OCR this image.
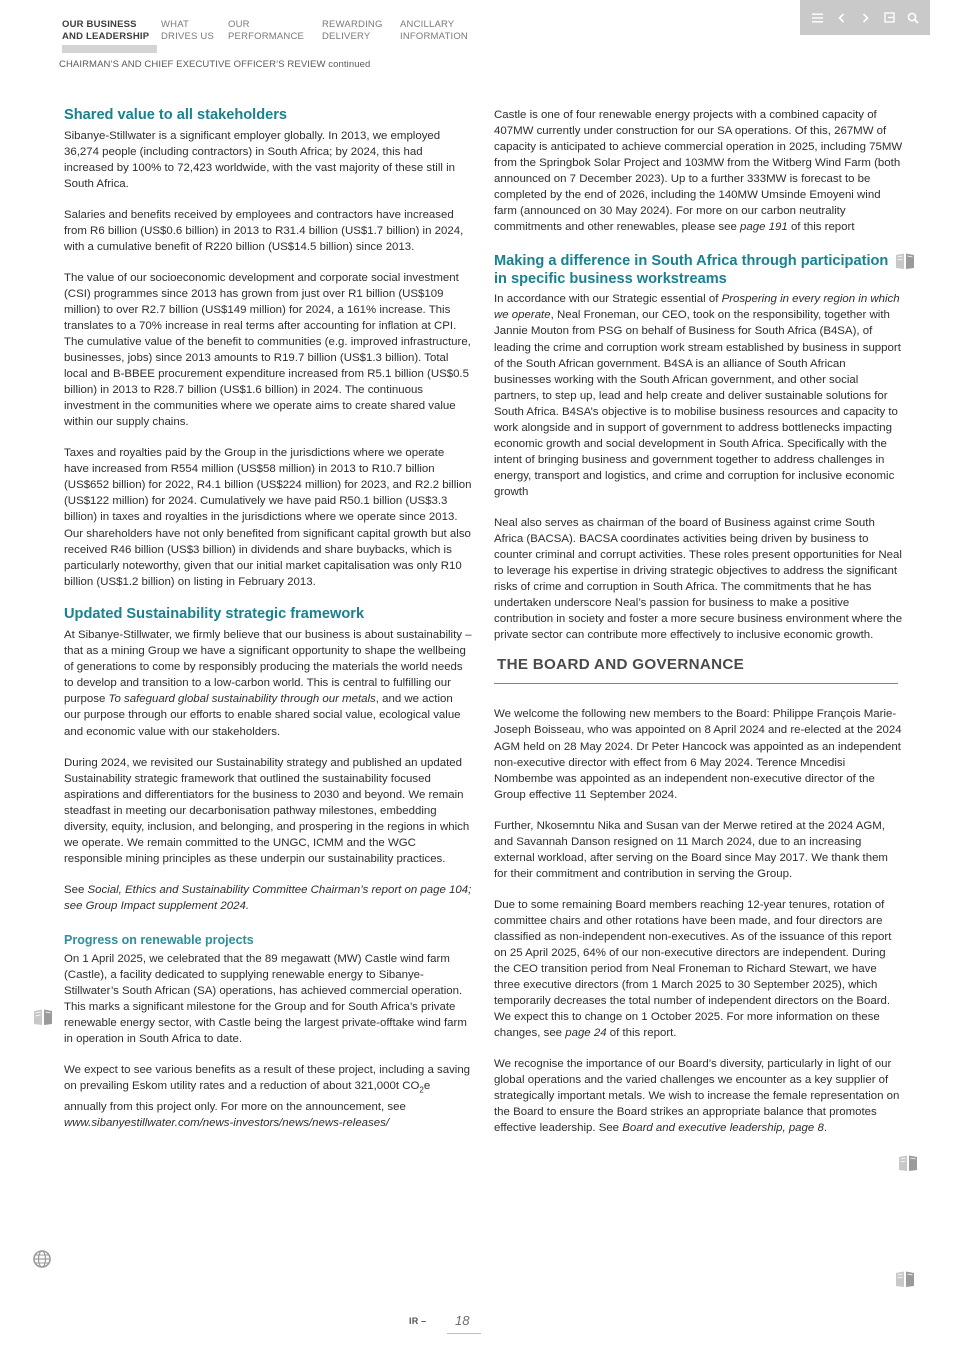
OUR BUSINESS
AND LEADERSHIP
WHAT
DRIVES US
OUR
PERFORMANCE
REWARDING
DELIVERY
ANCILLARY
INFORMATION
CHAIRMAN’S AND CHIEF EXECUTIVE OFFICER’S REVIEW continued
Shared value to all stakeholders

Sibanye-Stillwater is a significant employer globally. In 2013, we employed 36,274 people (including contractors) in South Africa; by 2024, this had increased by 100% to 72,423 worldwide, with the vast majority of these still in South Africa.

Salaries and benefits received by employees and contractors have increased from R6 billion (US$0.6 billion) in 2013 to R31.4 billion (US$1.7 billion) in 2024, with a cumulative benefit of R220 billion (US$14.5 billion) since 2013.

The value of our socioeconomic development and corporate social investment (CSI) programmes since 2013 has grown from just over R1 billion (US$109 million) to over R2.7 billion (US$149 million) for 2024, a 161% increase. This translates to a 70% increase in real terms after accounting for inflation at CPI. The cumulative value of the benefit to communities (e.g. improved infrastructure, businesses, jobs) since 2013 amounts to R19.7 billion (US$1.3 billion). Total local and B-BBEE procurement expenditure increased from R5.1 billion (US$0.5 billion) in 2013 to R28.7 billion (US$1.6 billion) in 2024. The continuous investment in the communities where we operate aims to create shared value within our supply chains.

Taxes and royalties paid by the Group in the jurisdictions where we operate have increased from R554 million (US$58 million) in 2013 to R10.7 billion (US$652 billion) for 2022, R4.1 billion (US$224 million) for 2023, and R2.2 billion (US$122 million) for 2024. Cumulatively we have paid R50.1 billion (US$3.3 billion) in taxes and royalties in the jurisdictions where we operate since 2013. Our shareholders have not only benefited from significant capital growth but also received R46 billion (US$3 billion) in dividends and share buybacks, which is particularly noteworthy, given that our initial market capitalisation was only R10 billion (US$1.2 billion) on listing in February 2013.

Updated Sustainability strategic framework

At Sibanye-Stillwater, we firmly believe that our business is about sustainability – that as a mining Group we have a significant opportunity to shape the wellbeing of generations to come by responsibly producing the materials the world needs to develop and transition to a low-carbon world. This is central to fulfilling our purpose To safeguard global sustainability through our metals, and we action our purpose through our efforts to enable shared social value, ecological value and economic value with our stakeholders.

During 2024, we revisited our Sustainability strategy and published an updated Sustainability strategic framework that outlined the sustainability focused aspirations and differentiators for the business to 2030 and beyond. We remain steadfast in meeting our decarbonisation pathway milestones, embedding diversity, equity, inclusion, and belonging, and prospering in the regions in which we operate. We remain committed to the UNGC, ICMM and the WGC responsible mining principles as these underpin our sustainability practices.

See Social, Ethics and Sustainability Committee Chairman’s report on page 104; see Group Impact supplement 2024.

Progress on renewable projects

On 1 April 2025, we celebrated that the 89 megawatt (MW) Castle wind farm (Castle), a facility dedicated to supplying renewable energy to Sibanye-Stillwater’s South African (SA) operations, has achieved commercial operation. This marks a significant milestone for the Group and for South Africa’s private renewable energy sector, with Castle being the largest private-offtake wind farm in operation in South Africa to date.

We expect to see various benefits as a result of these project, including a saving on prevailing Eskom utility rates and a reduction of about 321,000t $CO_2e$ annually from this project only. For more on the announcement, see www.sibanyestillwater.com/news-investors/news/news-releases/

Castle is one of four renewable energy projects with a combined capacity of 407MW currently under construction for our SA operations. Of this, 267MW of capacity is anticipated to achieve commercial operation in 2025, including 75MW from the Springbok Solar Project and 103MW from the Witberg Wind Farm (both announced on 7 December 2023). Up to a further 333MW is forecast to be completed by the end of 2026, including the 140MW Umsinde Emoyeni wind farm (announced on 30 May 2024). For more on our carbon neutrality commitments and other renewables, please see page 191 of this report

Making a difference in South Africa through participation in specific business workstreams

In accordance with our Strategic essential of Prospering in every region in which we operate, Neal Froneman, our CEO, took on the responsibility, together with Jannie Mouton from PSG on behalf of Business for South Africa (B4SA), of leading the crime and corruption work stream established by business in support of the South African government. B4SA is an alliance of South African businesses working with the South African government, and other social partners, to step up, lead and help create and deliver sustainable solutions for South Africa. B4SA’s objective is to mobilise business resources and capacity to work alongside and in support of government to address bottlenecks impacting economic growth and social development in South Africa. Specifically with the intent of bringing business and government together to address challenges in energy, transport and logistics, and crime and corruption for inclusive economic growth

Neal also serves as chairman of the board of Business against crime South Africa (BACSA). BACSA coordinates activities being driven by business to counter criminal and corrupt activities. These roles present opportunities for Neal to leverage his expertise in driving strategic objectives to address the significant risks of crime and corruption in South Africa. The commitments that he has undertaken underscore Neal’s passion for business to make a positive contribution in society and foster a more secure business environment where the private sector can contribute more effectively to inclusive economic growth.

THE BOARD AND GOVERNANCE

We welcome the following new members to the Board: Philippe François Marie-Joseph Boisseau, who was appointed on 8 April 2024 and re-elected at the 2024 AGM held on 28 May 2024. Dr Peter Hancock was appointed as an independent non-executive director with effect from 6 May 2024. Terence Mncedisi Nombembe was appointed as an independent non-executive director of the Group effective 11 September 2024.

Further, Nkosemntu Nika and Susan van der Merwe retired at the 2024 AGM, and Savannah Danson resigned on 11 March 2024, due to an increasing external workload, after serving on the Board since May 2017. We thank them for their commitment and contribution in serving the Group.

Due to some remaining Board members reaching 12-year tenures, rotation of committee chairs and other rotations have been made, and four directors are classified as non-independent non-executives. As of the issuance of this report on 25 April 2025, 64% of our non-executive directors are independent. During the CEO transition period from Neal Froneman to Richard Stewart, we have three executive directors (from 1 March 2025 to 30 September 2025), which temporarily decreases the total number of independent directors on the Board. We expect this to change on 1 October 2025. For more information on these changes, see page 24 of this report.

We recognise the importance of our Board’s diversity, particularly in light of our global operations and the varied challenges we encounter as a key supplier of strategically important metals. We wish to increase the female representation on the Board to ensure the Board strikes an appropriate balance that promotes effective leadership. See Board and executive leadership, page 8.

IR – 18
